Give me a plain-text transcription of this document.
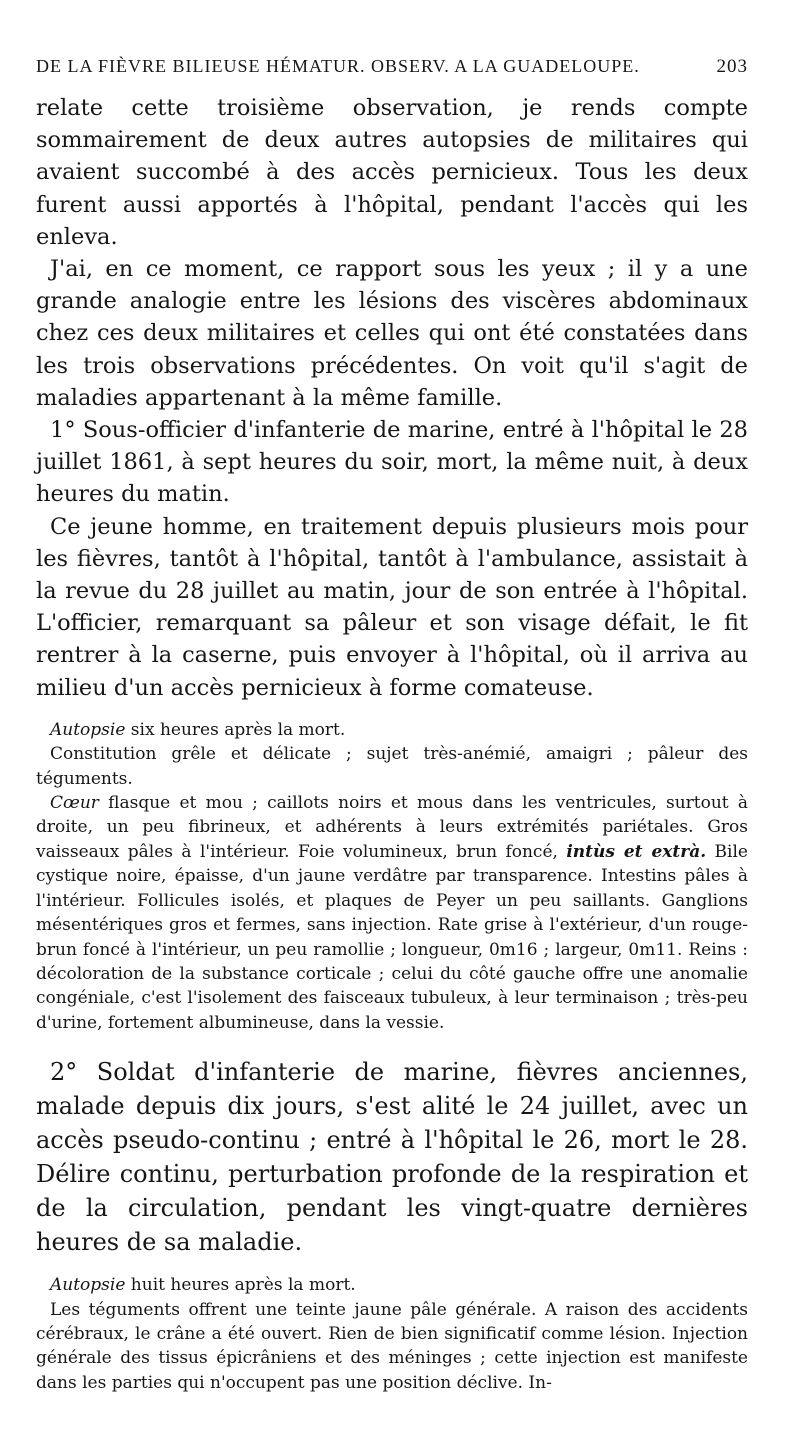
DE LA FIÈVRE BILIEUSE HÉMATUR. OBSERV. A LA GUADELOUPE.	203

relate cette troisième observation, je rends compte sommairement de deux autres autopsies de militaires qui avaient succombé à des accès pernicieux. Tous les deux furent aussi apportés à l'hôpital, pendant l'accès qui les enleva.

J'ai, en ce moment, ce rapport sous les yeux ; il y a une grande analogie entre les lésions des viscères abdominaux chez ces deux militaires et celles qui ont été constatées dans les trois observations précédentes. On voit qu'il s'agit de maladies appartenant à la même famille.

1° Sous-officier d'infanterie de marine, entré à l'hôpital le 28 juillet 1861, à sept heures du soir, mort, la même nuit, à deux heures du matin.

Ce jeune homme, en traitement depuis plusieurs mois pour les fièvres, tantôt à l'hôpital, tantôt à l'ambulance, assistait à la revue du 28 juillet au matin, jour de son entrée à l'hôpital. L'officier, remarquant sa pâleur et son visage défait, le fit rentrer à la caserne, puis envoyer à l'hôpital, où il arriva au milieu d'un accès pernicieux à forme comateuse.

Autopsie six heures après la mort.

Constitution grêle et délicate ; sujet très-anémié, amaigri ; pâleur des téguments.

Cœur flasque et mou ; caillots noirs et mous dans les ventricules, surtout à droite, un peu fibrineux, et adhérents à leurs extrémités pariétales. Gros vaisseaux pâles à l'intérieur. Foie volumineux, brun foncé, intùs et extrà. Bile cystique noire, épaisse, d'un jaune verdâtre par transparence. Intestins pâles à l'intérieur. Follicules isolés, et plaques de Peyer un peu saillants. Ganglions mésentériques gros et fermes, sans injection. Rate grise à l'extérieur, d'un rouge-brun foncé à l'intérieur, un peu ramollie ; longueur, 0m16 ; largeur, 0m11. Reins : décoloration de la substance corticale ; celui du côté gauche offre une anomalie congéniale, c'est l'isolement des faisceaux tubuleux, à leur terminaison ; très-peu d'urine, fortement albumineuse, dans la vessie.

2° Soldat d'infanterie de marine, fièvres anciennes, malade depuis dix jours, s'est alité le 24 juillet, avec un accès pseudo-continu ; entré à l'hôpital le 26, mort le 28. Délire continu, perturbation profonde de la respiration et de la circulation, pendant les vingt-quatre dernières heures de sa maladie.

Autopsie huit heures après la mort.

Les téguments offrent une teinte jaune pâle générale. A raison des accidents cérébraux, le crâne a été ouvert. Rien de bien significatif comme lésion. Injection générale des tissus épicrâniens et des méninges ; cette injection est manifeste dans les parties qui n'occupent pas une position déclive. In-
